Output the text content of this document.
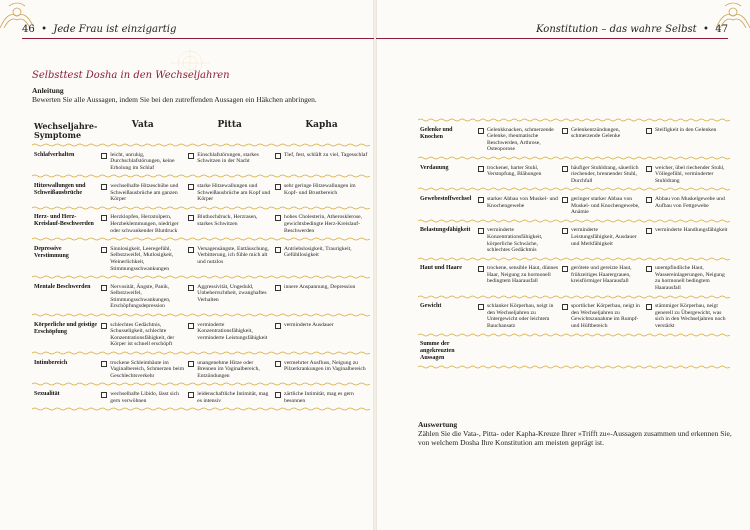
46 • Jede Frau ist einzigartig
Selbsttest Dosha in den Wechseljahren
Anleitung
Bewerten Sie alle Aussagen, indem Sie bei den zutreffenden Aussagen ein Häkchen anbringen.
Wechseljahre-Symptome	Vata	Pitta	Kapha

Schlafverhalten	leicht, unruhig, Durchschlafstörungen, keine Erholung im Schlaf	Einschlafstörungen, starkes Schwitzen in der Nacht	Tief, fest, schläft zu viel, Tagesschlaf

Hitzewallungen und Schweißausbrüche	wechselhafte Hitzeschübe und Schweißausbrüche am ganzen Körper	starke Hitzewallungen und Schweißausbrüche am Kopf und Körper	sehr geringe Hitzewallungen im Kopf- und Brustbereich

Herz- und Herz-Kreislauf-Beschwerden	Herzklopfen, Herzstolpern, Herzbeklemmungen, niedriger oder schwankender Blutdruck	Bluthochdruck, Herzrasen, starkes Schwitzen	hohes Cholesterin, Atherosklerose, gewichtsbedingte Herz-Kreislauf-Beschwerden

Depressive Verstimmung	Sinnlosigkeit, Leeregefühl, Selbstzweifel, Mutlosigkeit, Weinerlichkeit, Stimmungsschwankungen	Versagensängste, Enttäuschung, Verbitterung, ich fühle mich alt und nutzlos	Antriebslosigkeit, Traurigkeit, Gefühllosigkeit

Mentale Beschwerden	Nervosität, Ängste, Panik, Selbstzweifel, Stimmungsschwankungen, Erschöpfungsdepression	Aggressivität, Ungeduld, Unbeherrschtheit, zwanghaftes Verhalten	innere Anspannung, Depression

Körperliche und geistige Erschöpfung	schlechtes Gedächtnis, Schusseligkeit, schlechte Konzentrationsfähigkeit, der Körper ist schnell erschöpft	verminderte Konzentrationsfähigkeit, verminderte Leistungsfähigkeit	verminderte Ausdauer

Intimbereich	trockene Schleimhäute im Vaginalbereich, Schmerzen beim Geschlechtsverkehr	unangenehme Hitze oder Brennen im Vaginalbereich, Entzündungen	vermehrter Ausfluss, Neigung zu Pilzerkrankungen im Vaginalbereich

Sexualität	wechselhafte Libido, lässt sich gern verwöhnen	leidenschaftliche Intimität, mag es intensiv	zärtliche Intimität, mag es gern besonnen

Konstitution – das wahre Selbst • 47

Gelenke und Knochen	Gelenkknacken, schmerzende Gelenke, rheumatische Beschwerden, Arthrose, Osteoporose	Gelenkentzündungen, schmerzende Gelenke	Steifigkeit in den Gelenken

Verdauung	trockener, harter Stuhl, Verstopfung, Blähungen	häufiger Stuhldrang, säuerlich riechender, brennender Stuhl, Durchfall	weicher, übel riechender Stuhl, Völlegefühl, verminderter Stuhldrang

Gewebestoffwechsel	starker Abbau von Muskel- und Knochengewebe	geringer starker Abbau von Muskel- und Knochengewebe, Anämie	Abbau von Muskelgewebe und Aufbau von Fettgewebe

Belastungsfähigkeit	verminderte Konzentrationsfähigkeit, körperliche Schwäche, schlechtes Gedächtnis	verminderte Leistungsfähigkeit, Ausdauer und Merkfähigkeit	verminderte Handlungsfähigkeit

Haut und Haare	trockene, sensible Haut, dünnes Haar, Neigung zu hormonell bedingtem Haarausfall	gerötete und gereizte Haut, frühzeitiges Haarergrauen, kreisförmiger Haarausfall	unempfindliche Haut, Wassereinlagerungen, Neigung zu hormonell bedingtem Haarausfall

Gewicht	schlanker Körperbau, neigt in den Wechseljahren zu Untergewicht oder leichtem Bauchansatz	sportlicher Körperbau, neigt in den Wechseljahren zu Gewichtszunahme im Rumpf- und Hüftbereich	stämmiger Körperbau, neigt generell zu Übergewicht, was sich in den Wechseljahren noch verstärkt

Summe der angekreuzten Aussagen	

Auswertung
Zählen Sie die Vata-, Pitta- oder Kapha-Kreuze Ihrer »Trifft zu«-Aussagen zusammen und erkennen Sie, von welchem Dosha Ihre Konstitution am meisten geprägt ist.
